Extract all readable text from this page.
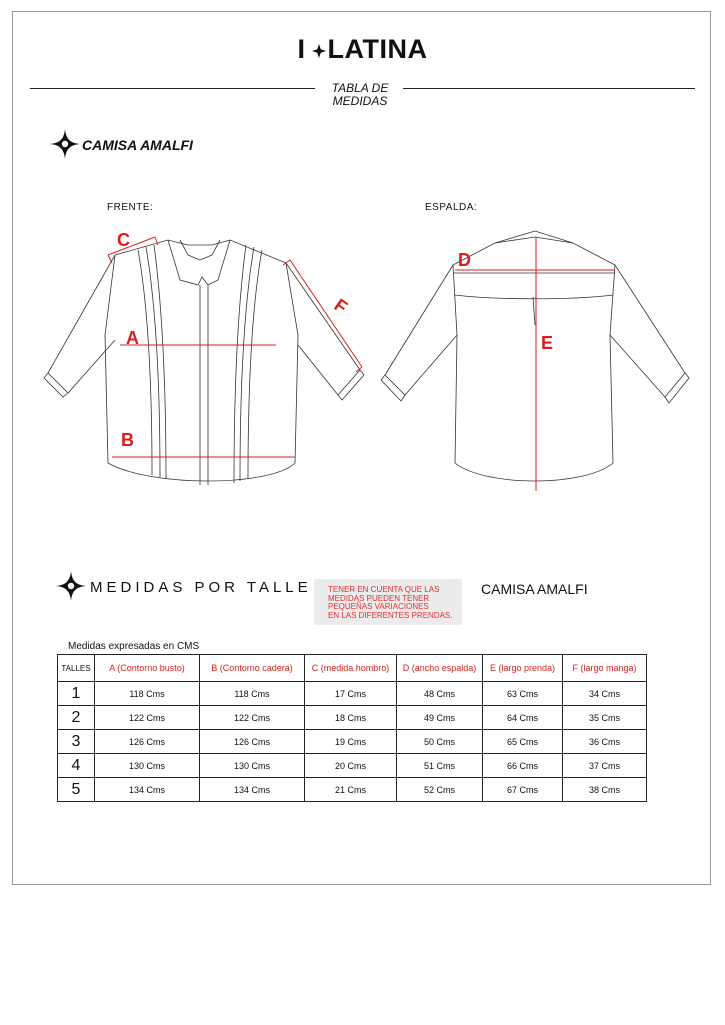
I LATINA
TABLA DE
MEDIDAS
CAMISA AMALFI
FRENTE:	ESPALDA:
C
F
A
B
D
E
MEDIDAS POR TALLE TENER EN CUENTA QUE LAS
MEDIDAS PUEDEN TENER
PEQUEÑAS VARIACIONES
EN LAS DIFERENTES PRENDAS.
CAMISA AMALFI
Medidas expresadas en CMS
TALLES	A (Contorno busto)	B (Contorno cadera)	C (medida hombro)	D (ancho espalda)	E (largo prenda)	F (largo manga)
1	118 Cms	118 Cms	17 Cms	48 Cms	63 Cms	34 Cms
2	122 Cms	122 Cms	18 Cms	49 Cms	64 Cms	35 Cms
3	126 Cms	126 Cms	19 Cms	50 Cms	65 Cms	36 Cms
4	130 Cms	130 Cms	20 Cms	51 Cms	66 Cms	37 Cms
5	134 Cms	134 Cms	21 Cms	52 Cms	67 Cms	38 Cms
